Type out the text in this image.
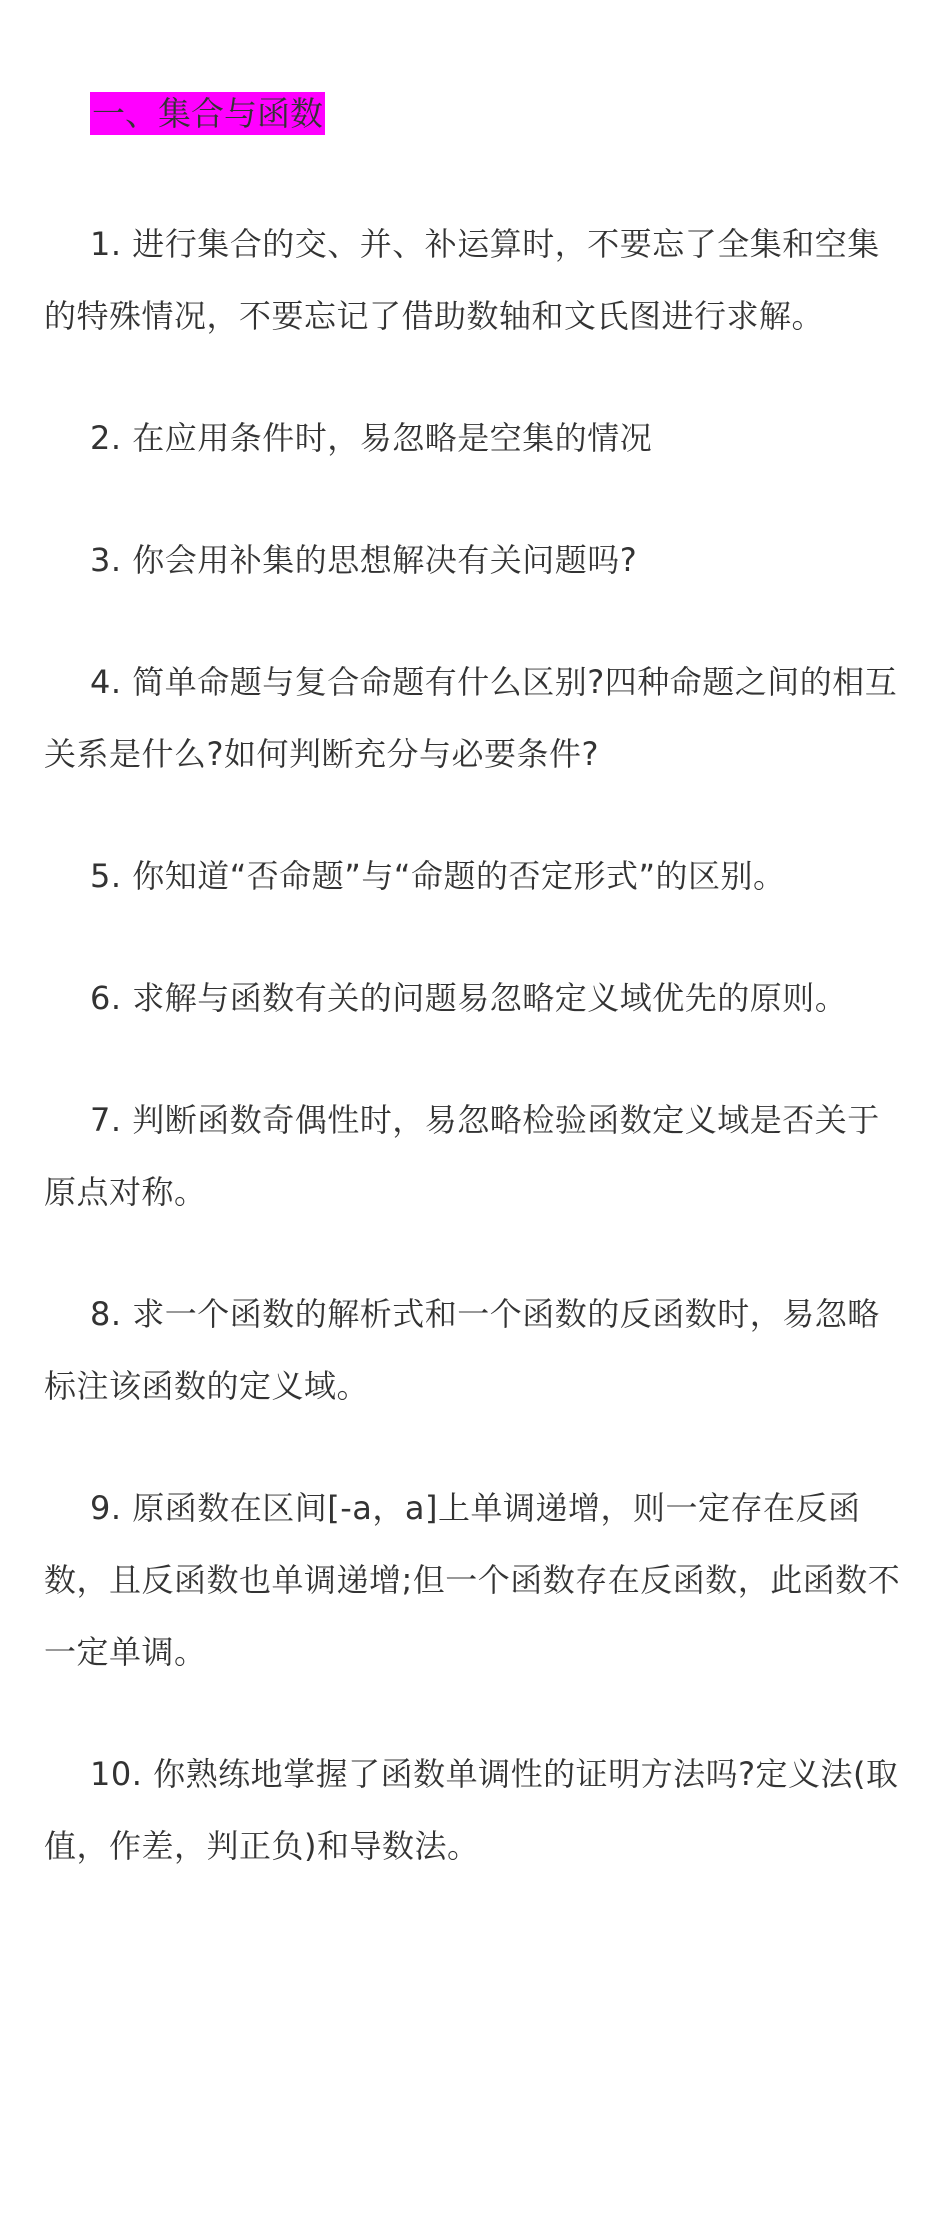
一、集合与函数

1. 进行集合的交、并、补运算时，不要忘了全集和空集的特殊情况，不要忘记了借助数轴和文氏图进行求解。

2. 在应用条件时，易忽略是空集的情况

3. 你会用补集的思想解决有关问题吗?

4. 简单命题与复合命题有什么区别?四种命题之间的相互关系是什么?如何判断充分与必要条件?

5. 你知道“否命题”与“命题的否定形式”的区别。

6. 求解与函数有关的问题易忽略定义域优先的原则。

7. 判断函数奇偶性时，易忽略检验函数定义域是否关于原点对称。

8. 求一个函数的解析式和一个函数的反函数时，易忽略标注该函数的定义域。

9. 原函数在区间[-a，a]上单调递增，则一定存在反函数，且反函数也单调递增;但一个函数存在反函数，此函数不一定单调。

10. 你熟练地掌握了函数单调性的证明方法吗?定义法(取值，作差，判正负)和导数法。
